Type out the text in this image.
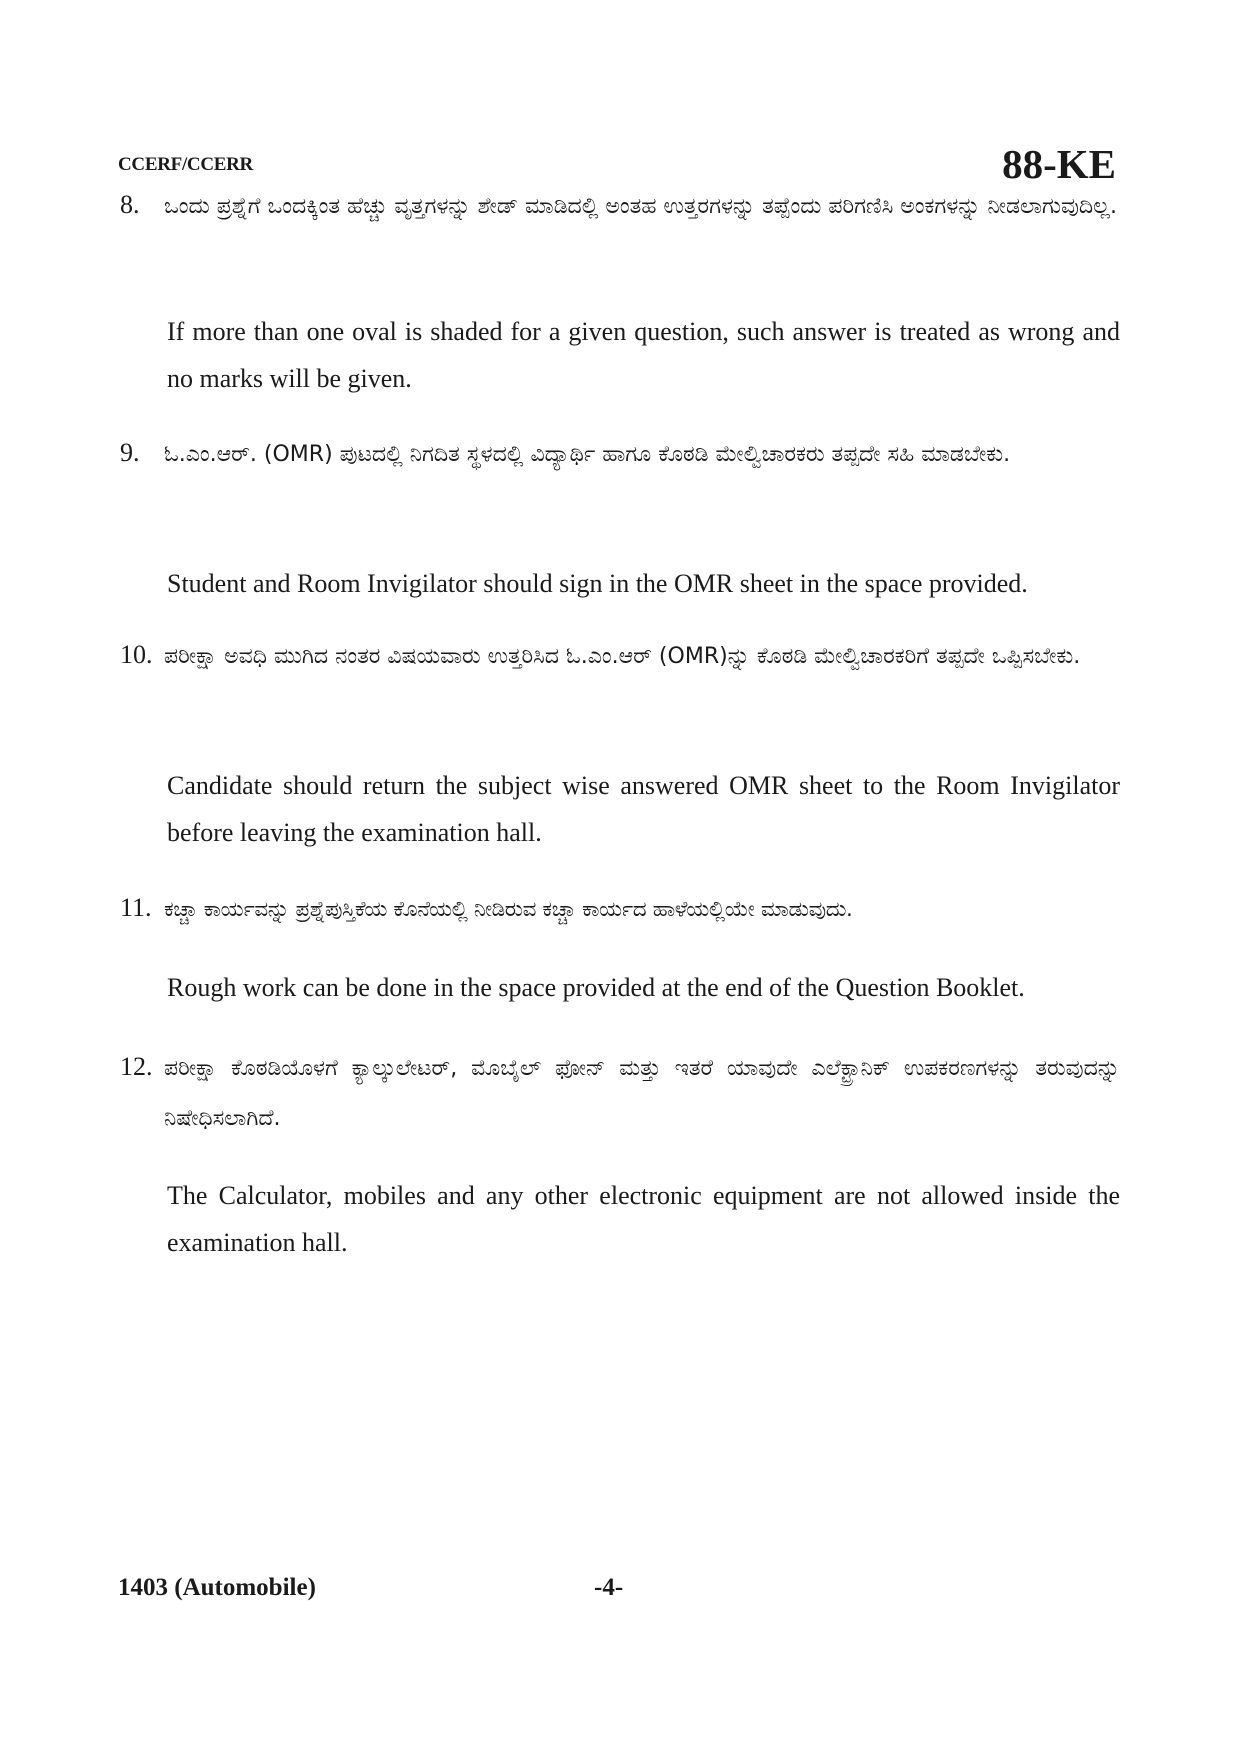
CCERF/CCERR	88-KE
8. ಒಂದು ಪ್ರಶ್ನೆಗೆ ಒಂದಕ್ಕಿಂತ ಹೆಚ್ಚು ವೃತ್ತಗಳನ್ನು ಶೇಡ್ ಮಾಡಿದಲ್ಲಿ ಅಂತಹ ಉತ್ತರಗಳನ್ನು ತಪ್ಪೆಂದು ಪರಿಗಣಿಸಿ ಅಂಕಗಳನ್ನು ನೀಡಲಾಗುವುದಿಲ್ಲ.
If more than one oval is shaded for a given question, such answer is treated as wrong and no marks will be given.
9. ಓ.ಎಂ.ಆರ್. (OMR) ಪುಟದಲ್ಲಿ ನಿಗದಿತ ಸ್ಥಳದಲ್ಲಿ ವಿದ್ಯಾರ್ಥಿ ಹಾಗೂ ಕೊಠಡಿ ಮೇಲ್ವಿಚಾರಕರು ತಪ್ಪದೇ ಸಹಿ ಮಾಡಬೇಕು.
Student and Room Invigilator should sign in the OMR sheet in the space provided.
10. ಪರೀಕ್ಷಾ ಅವಧಿ ಮುಗಿದ ನಂತರ ವಿಷಯವಾರು ಉತ್ತರಿಸಿದ ಓ.ಎಂ.ಆರ್ (OMR)ನ್ನು ಕೊಠಡಿ ಮೇಲ್ವಿಚಾರಕರಿಗೆ ತಪ್ಪದೇ ಒಪ್ಪಿಸಬೇಕು.
Candidate should return the subject wise answered OMR sheet to the Room Invigilator before leaving the examination hall.
11. ಕಚ್ಚಾ ಕಾರ್ಯವನ್ನು ಪ್ರಶ್ನೆಪುಸ್ತಿಕೆಯ ಕೊನೆಯಲ್ಲಿ ನೀಡಿರುವ ಕಚ್ಚಾ ಕಾರ್ಯದ ಹಾಳೆಯಲ್ಲಿಯೇ ಮಾಡುವುದು.
Rough work can be done in the space provided at the end of the Question Booklet.
12. ಪರೀಕ್ಷಾ ಕೊಠಡಿಯೊಳಗೆ ಕ್ಯಾಲ್ಕುಲೇಟರ್, ಮೊಬೈಲ್ ಫೋನ್ ಮತ್ತು ಇತರೆ ಯಾವುದೇ ಎಲೆಕ್ಟ್ರಾನಿಕ್ ಉಪಕರಣಗಳನ್ನು ತರುವುದನ್ನು ನಿಷೇಧಿಸಲಾಗಿದೆ.
The Calculator, mobiles and any other electronic equipment are not allowed inside the examination hall.
1403 (Automobile)	-4-
